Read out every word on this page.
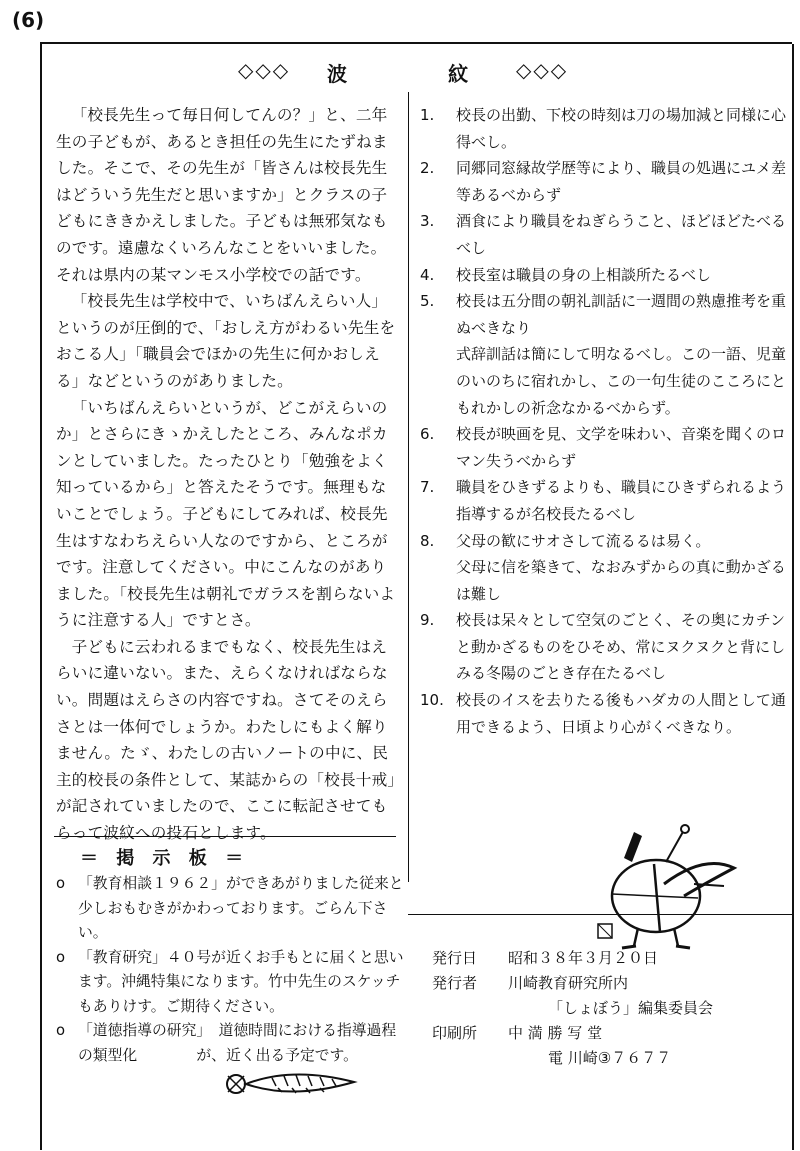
(6)
◇◇◇ 波	紋 ◇◇◇

「校長先生って毎日何してんの？」と、二年生の子どもが、あるとき担任の先生にたずねました。そこで、その先生が「皆さんは校長先生はどういう先生だと思いますか」とクラスの子どもにききかえしました。子どもは無邪気なものです。遠慮なくいろんなことをいいました。それは県内の某マンモス小学校での話です。

「校長先生は学校中で、いちばんえらい人」というのが圧倒的で、「おしえ方がわるい先生をおこる人」「職員会でほかの先生に何かおしえる」などというのがありました。

「いちばんえらいというが、どこがえらいのか」とさらにきゝかえしたところ、みんなポカンとしていました。たったひとり「勉強をよく知っているから」と答えたそうです。無理もないことでしょう。子どもにしてみれば、校長先生はすなわちえらい人なのですから、ところがです。注意してください。中にこんなのがありました。「校長先生は朝礼でガラスを割らないように注意する人」ですとさ。

子どもに云われるまでもなく、校長先生はえらいに違いない。また、えらくなければならない。問題はえらさの内容ですね。さてそのえらさとは一体何でしょうか。わたしにもよく解りません。たゞ、わたしの古いノートの中に、民主的校長の条件として、某誌からの「校長十戒」が記されていましたので、ここに転記させてもらって波紋への投石とします。

1.	校長の出勤、下校の時刻は刀の場加減と同様に心得べし。
2.	同郷同窓縁故学歴等により、職員の処遇にユメ差等あるべからず
3.	酒食により職員をねぎらうこと、ほどほどたべるべし
4.	校長室は職員の身の上相談所たるべし
5.	校長は五分間の朝礼訓話に一週間の熟慮推考を重ぬべきなり
式辞訓話は簡にして明なるべし。この一語、児童のいのちに宿れかし、この一句生徒のこころにともれかしの祈念なかるべからず。
6.	校長が映画を見、文学を味わい、音楽を聞くのロマン失うべからず
7.	職員をひきずるよりも、職員にひきずられるよう指導するが名校長たるべし
8.	父母の歓にサオさして流るるは易く。
父母に信を築きて、なおみずからの真に動かざるは難し
9.	校長は呆々として空気のごとく、その奥にカチンと動かざるものをひそめ、常にヌクヌクと背にしみる冬陽のごとき存在たるべし
10. 校長のイスを去りたる後もハダカの人間として通用できるよう、日頃より心がくべきなり。
＝ 掲 示 板 ＝
o 「教育相談１９６２」ができあがりました従来と少しおもむきがかわっております。ごらん下さい。
o 「教育研究」４０号が近くお手もとに届くと思います。沖縄特集になります。竹中先生のスケッチもありけす。ご期待ください。
o 「道徳指導の研究」　道徳時間における指導過程の類型化　　　　が、近く出る予定です。
発行日	昭和３８年３月２０日
発行者	川崎教育研究所内
「しょぼう」編集委員会
印刷所	中 満 勝 写 堂
電 川崎③７６７７
